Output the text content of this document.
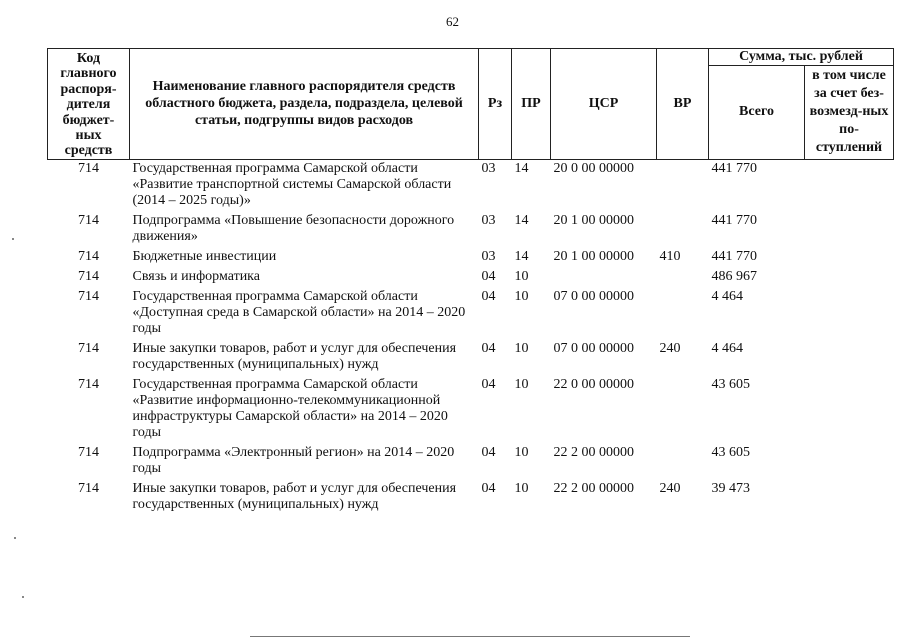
62
Код главного распоря-дителя бюджет-ных средств	Наименование главного распорядителя средств областного бюджета, раздела, подраздела, целевой статьи, подгруппы видов расходов	Рз	ПР	ЦСР	ВР	Сумма, тыс. рублей	
						Всего	в том числе за счет без-возмезд-ных по-ступлений
714	Государственная программа Самарской области «Развитие транспортной системы Самарской области (2014 – 2025 годы)»	03	14	20 0 00 00000		441 770	
714	Подпрограмма «Повышение безопасности дорожного движения»	03	14	20 1 00 00000		441 770	
714	Бюджетные инвестиции	03	14	20 1 00 00000	410	441 770	
714	Связь и информатика	04	10			486 967	
714	Государственная программа Самарской области «Доступная среда в Самарской области» на 2014 – 2020 годы	04	10	07 0 00 00000		4 464	
714	Иные закупки товаров, работ и услуг для обеспечения государственных (муниципальных) нужд	04	10	07 0 00 00000	240	4 464	
714	Государственная программа Самарской области «Развитие информационно-телекоммуникационной инфраструктуры Самарской области» на 2014 – 2020 годы	04	10	22 0 00 00000		43 605	
714	Подпрограмма «Электронный регион» на 2014 – 2020 годы	04	10	22 2 00 00000		43 605	
714	Иные закупки товаров, работ и услуг для обеспечения государственных (муниципальных) нужд	04	10	22 2 00 00000	240	39 473	
